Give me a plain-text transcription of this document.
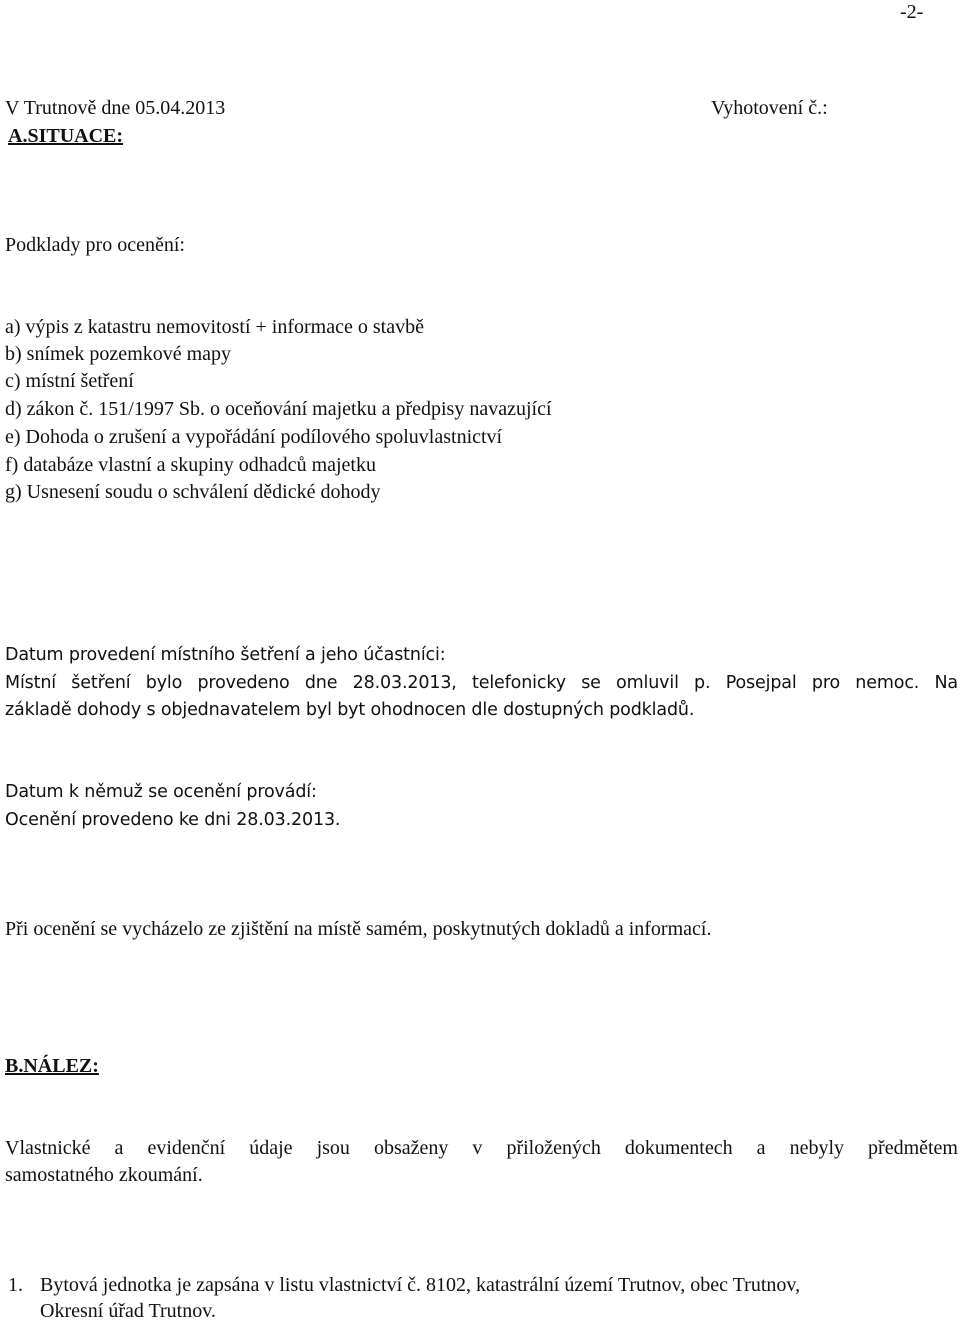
-2-
V Trutnově dne 05.04.2013	Vyhotovení č.:
A.SITUACE:
Podklady pro ocenění:
a) výpis z katastru nemovitostí + informace o stavbě
b) snímek pozemkové mapy
c) místní šetření
d) zákon č. 151/1997 Sb. o oceňování majetku a předpisy navazující
e) Dohoda o zrušení a vypořádání podílového spoluvlastnictví
f) databáze vlastní a skupiny odhadců majetku
g) Usnesení soudu o schválení dědické dohody
Datum provedení místního šetření a jeho účastníci:
Místní šetření bylo provedeno dne 28.03.2013, telefonicky se omluvil p. Posejpal pro nemoc. Na
základě dohody s objednavatelem byl byt ohodnocen dle dostupných podkladů.
Datum k němuž se ocenění provádí:
Ocenění provedeno ke dni 28.03.2013.
Při ocenění se vycházelo ze zjištění na místě samém, poskytnutých dokladů a informací.
B.NÁLEZ:
Vlastnické a evidenční údaje jsou obsaženy v přiložených dokumentech a nebyly předmětem
samostatného zkoumání.
1. Bytová jednotka je zapsána v listu vlastnictví č. 8102, katastrální území Trutnov, obec Trutnov,
Okresní úřad Trutnov.
